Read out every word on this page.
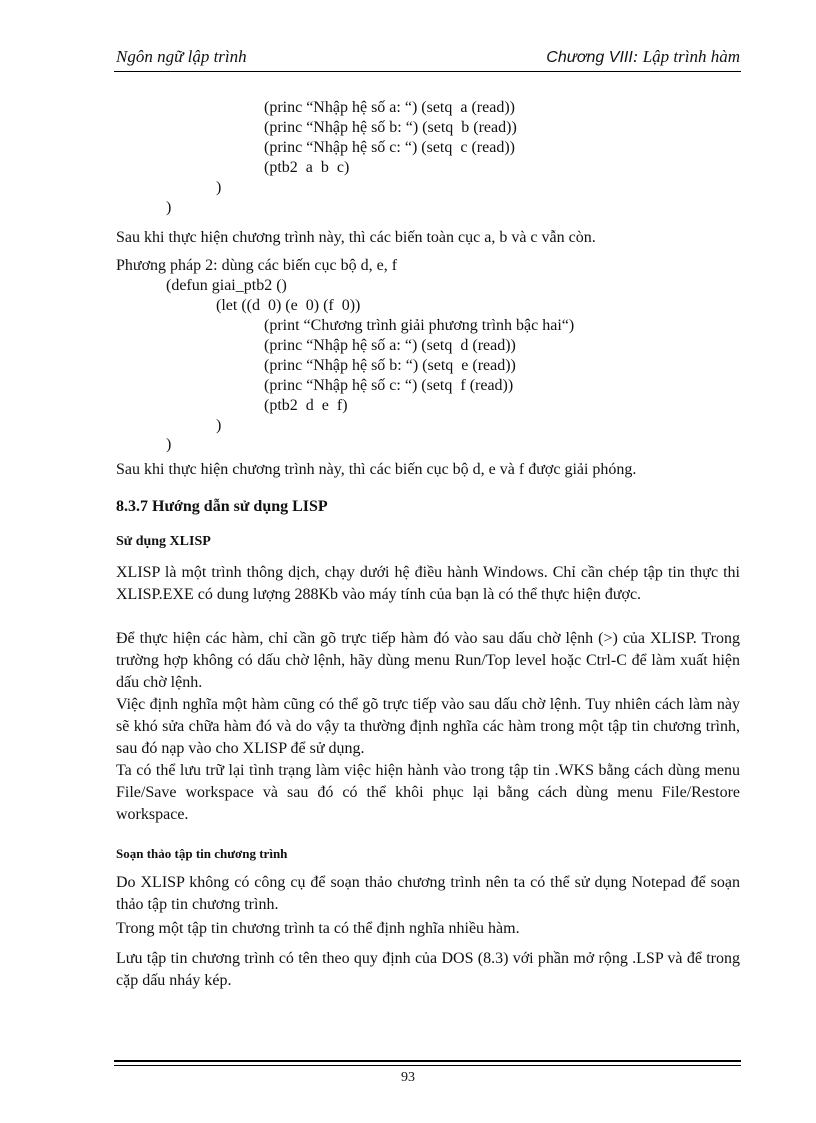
Ngôn ngữ lập trình	Chương VIII: Lập trình hàm
(princ “Nhập hệ số a: “) (setq  a (read))
(princ “Nhập hệ số b: “) (setq  b (read))
(princ “Nhập hệ số c: “) (setq  c (read))
(ptb2  a  b  c)
)
)
Sau khi thực hiện chương trình này, thì các biến toàn cục a, b và c vẫn còn.
Phương pháp 2: dùng các biến cục bộ d, e, f
(defun giai_ptb2 ()
(let ((d  0) (e  0) (f  0))
(print “Chương trình giải phương trình bậc hai“)
(princ “Nhập hệ số a: “) (setq  d (read))
(princ “Nhập hệ số b: “) (setq  e (read))
(princ “Nhập hệ số c: “) (setq  f (read))
(ptb2  d  e  f)
)
)
Sau khi thực hiện chương trình này, thì các biến cục bộ d, e và f được giải phóng.
8.3.7 Hướng dẫn sử dụng LISP
Sử dụng XLISP
XLISP là một trình thông dịch, chạy dưới hệ điều hành Windows. Chỉ cần chép tập tin thực thi XLISP.EXE có dung lượng 288Kb vào máy tính của bạn là có thể thực hiện được.
Để thực hiện các hàm, chỉ cần gõ trực tiếp hàm đó vào sau dấu chờ lệnh (>) của XLISP. Trong trường hợp không có dấu chờ lệnh, hãy dùng menu Run/Top level hoặc Ctrl-C để làm xuất hiện dấu chờ lệnh.
Việc định nghĩa một hàm cũng có thể gõ trực tiếp vào sau dấu chờ lệnh. Tuy nhiên cách làm này sẽ khó sửa chữa hàm đó và do vậy ta thường định nghĩa các hàm trong một tập tin chương trình, sau đó nạp vào cho XLISP để sử dụng.
Ta có thể lưu trữ lại tình trạng làm việc hiện hành vào trong tập tin .WKS bằng cách dùng menu File/Save workspace và sau đó có thể khôi phục lại bằng cách dùng menu File/Restore workspace.
Soạn thảo tập tin chương trình
Do XLISP không có công cụ để soạn thảo chương trình nên ta có thể sử dụng Notepad để soạn thảo tập tin chương trình.
Trong một tập tin chương trình ta có thể định nghĩa nhiều hàm.
Lưu tập tin chương trình có tên theo quy định của DOS (8.3) với phần mở rộng .LSP và để trong cặp dấu nháy kép.
93
